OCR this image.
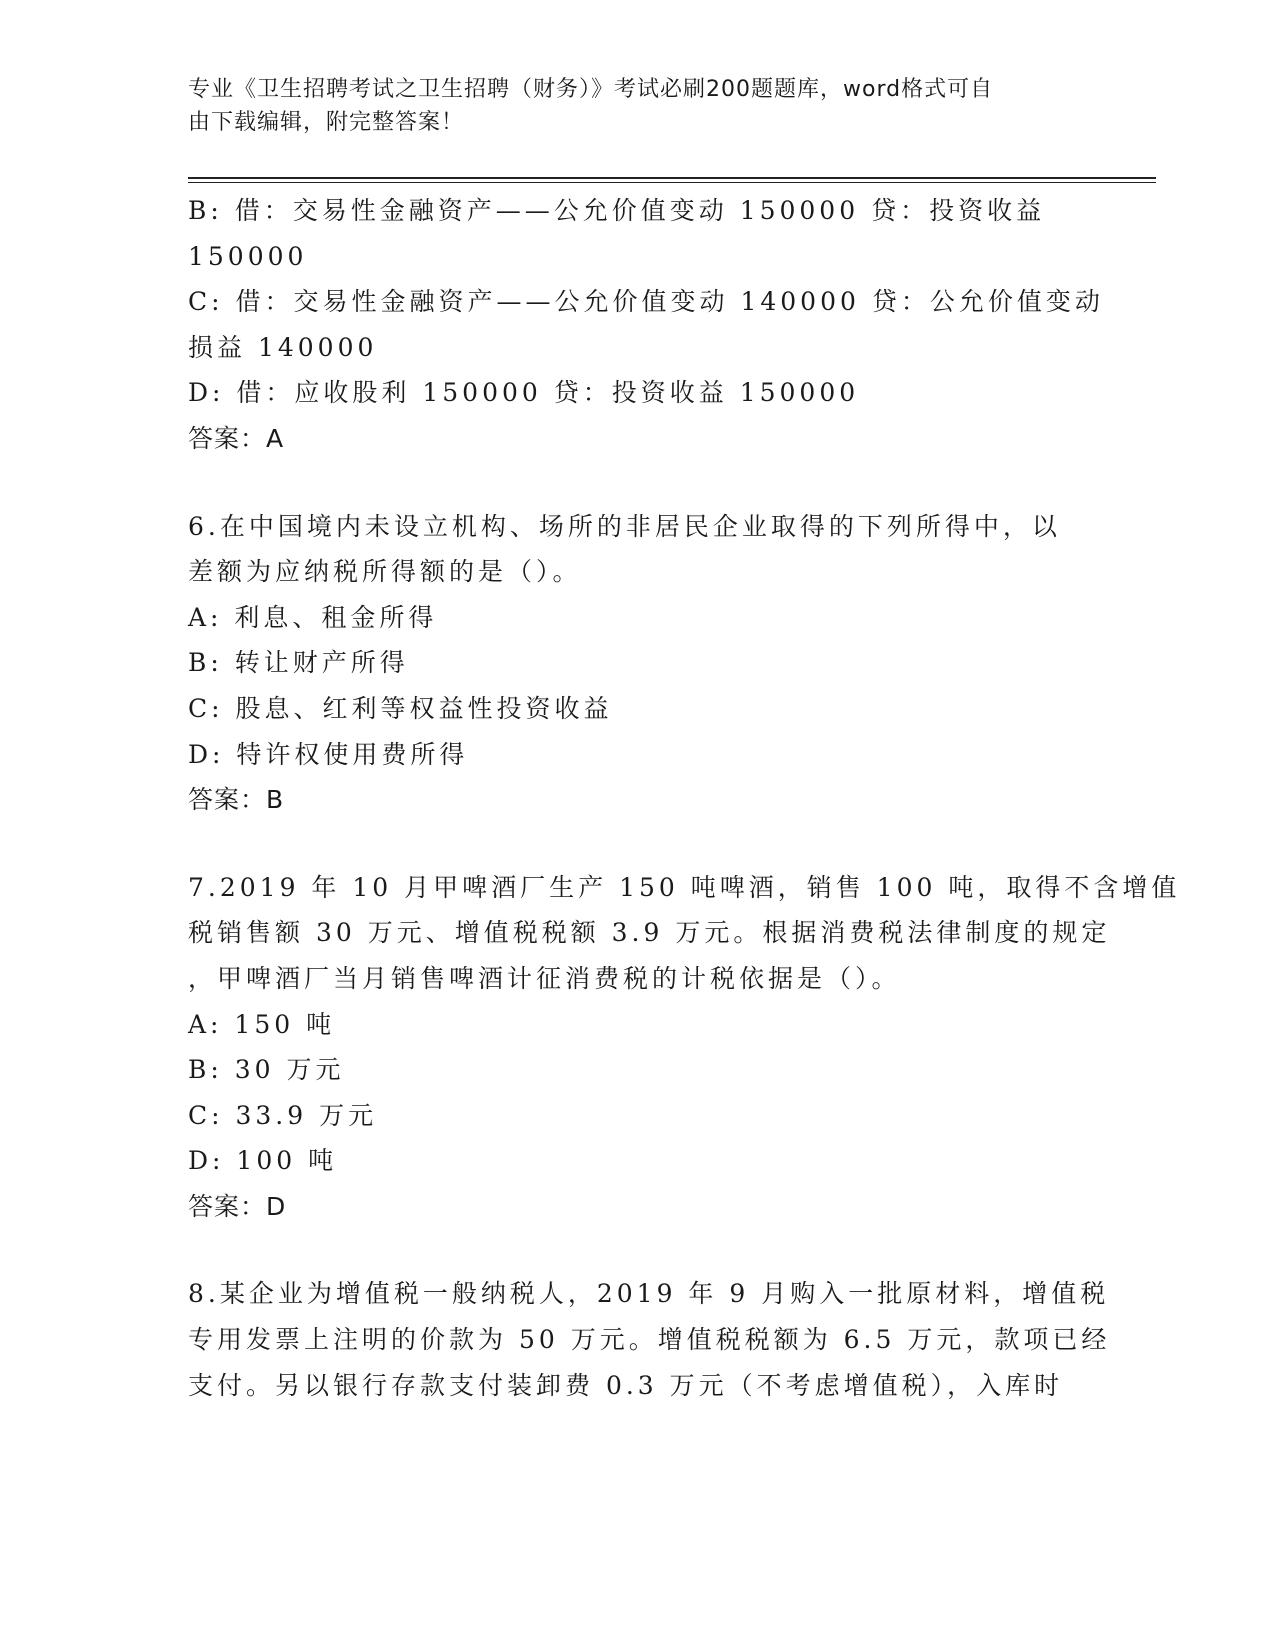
专业《卫生招聘考试之卫生招聘（财务）》考试必刷200题题库，word格式可自
由下载编辑，附完整答案！
B: 借：交易性金融资产——公允价值变动 150000 贷：投资收益
150000
C: 借：交易性金融资产——公允价值变动 140000 贷：公允价值变动
损益 140000
D: 借：应收股利 150000 贷：投资收益 150000
答案：A
6.在中国境内未设立机构、场所的非居民企业取得的下列所得中，以
差额为应纳税所得额的是（）。
A: 利息、租金所得
B: 转让财产所得
C: 股息、红利等权益性投资收益
D: 特许权使用费所得
答案：B
7.2019 年 10 月甲啤酒厂生产 150 吨啤酒，销售 100 吨，取得不含增值
税销售额 30 万元、增值税税额 3.9 万元。根据消费税法律制度的规定
，甲啤酒厂当月销售啤酒计征消费税的计税依据是（）。
A: 150 吨
B: 30 万元
C: 33.9 万元
D: 100 吨
答案：D
8.某企业为增值税一般纳税人，2019 年 9 月购入一批原材料，增值税
专用发票上注明的价款为 50 万元。增值税税额为 6.5 万元，款项已经
支付。另以银行存款支付装卸费 0.3 万元（不考虑增值税），入库时
